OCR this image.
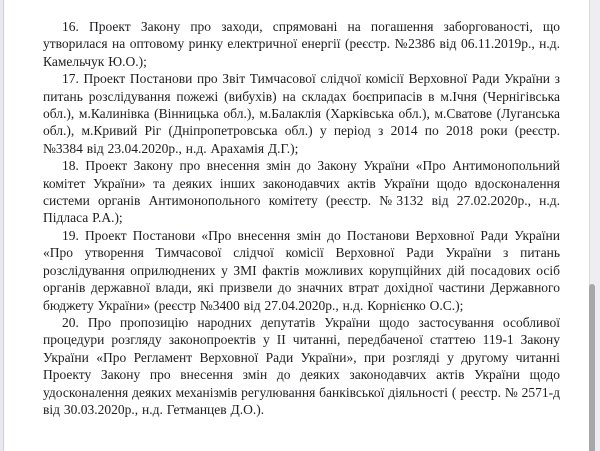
16. Проект Закону про заходи, спрямовані на погашення заборгованості, що утворилася на оптовому ринку електричної енергії (реєстр. №2386 від 06.11.2019р., н.д. Камельчук Ю.О.);

17. Проект Постанови про Звіт Тимчасової слідчої комісії Верховної Ради України з питань розслідування пожежі (вибухів) на складах боєприпасів в м.Ічня (Чернігівська обл.), м.Калинівка (Вінницька обл.), м.Балаклія (Харківська обл.), м.Сватове (Луганська обл.), м.Кривий Ріг (Дніпропетровська обл.) у період з 2014 по 2018 роки (реєстр. №3384 від 23.04.2020р., н.д. Арахамія Д.Г.);

18. Проект Закону про внесення змін до Закону України «Про Антимонопольний комітет України» та деяких інших законодавчих актів України щодо вдосконалення системи органів Антимонопольного комітету (реєстр. №3132 від 27.02.2020р., н.д. Підласа Р.А.);

19. Проект Постанови «Про внесення змін до Постанови Верховної Ради України «Про утворення Тимчасової слідчої комісії Верховної Ради України з питань розслідування оприлюднених у ЗМІ фактів можливих корупційних дій посадових осіб органів державної влади, які призвели до значних втрат дохідної частини Державного бюджету України» (реєстр №3400 від 27.04.2020р., н.д. Корнієнко О.С.);

20. Про пропозицію народних депутатів України щодо застосування особливої процедури розгляду законопроектів у II читанні, передбаченої статтею 119-1 Закону України «Про Регламент Верховної Ради України», при розгляді у другому читанні Проекту Закону про внесення змін до деяких законодавчих актів України щодо удосконалення деяких механізмів регулювання банківської діяльності ( реєстр. № 2571-д від 30.03.2020р., н.д. Гетманцев Д.О.).
